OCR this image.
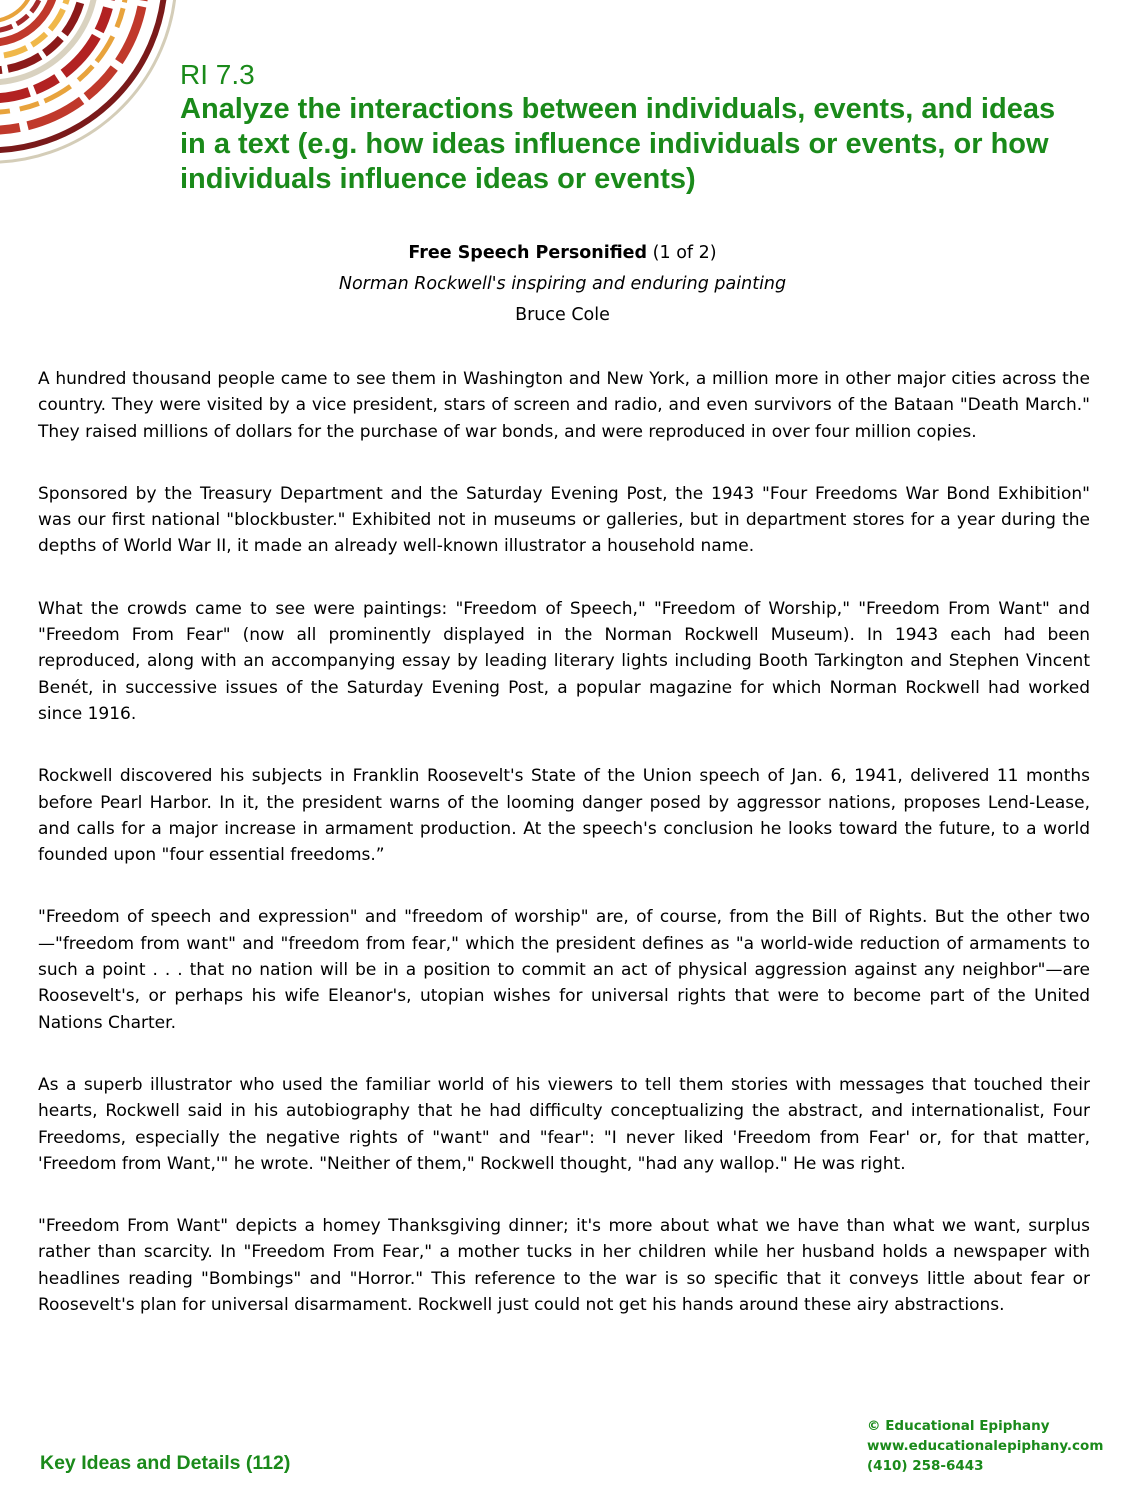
RI 7.3
Analyze the interactions between individuals, events, and ideas in a text (e.g. how ideas influence individuals or events, or how individuals influence ideas or events)
Free Speech Personified (1 of 2)
Norman Rockwell's inspiring and enduring painting
Bruce Cole

A hundred thousand people came to see them in Washington and New York, a million more in other major cities across the country. They were visited by a vice president, stars of screen and radio, and even survivors of the Bataan "Death March." They raised millions of dollars for the purchase of war bonds, and were reproduced in over four million copies.

Sponsored by the Treasury Department and the Saturday Evening Post, the 1943 "Four Freedoms War Bond Exhibition" was our first national "blockbuster." Exhibited not in museums or galleries, but in department stores for a year during the depths of World War II, it made an already well-known illustrator a household name.

What the crowds came to see were paintings: "Freedom of Speech," "Freedom of Worship," "Freedom From Want" and "Freedom From Fear" (now all prominently displayed in the Norman Rockwell Museum). In 1943 each had been reproduced, along with an accompanying essay by leading literary lights including Booth Tarkington and Stephen Vincent Benét, in successive issues of the Saturday Evening Post, a popular magazine for which Norman Rockwell had worked since 1916.

Rockwell discovered his subjects in Franklin Roosevelt's State of the Union speech of Jan. 6, 1941, delivered 11 months before Pearl Harbor. In it, the president warns of the looming danger posed by aggressor nations, proposes Lend-Lease, and calls for a major increase in armament production. At the speech's conclusion he looks toward the future, to a world founded upon "four essential freedoms.”

"Freedom of speech and expression" and "freedom of worship" are, of course, from the Bill of Rights. But the other two—"freedom from want" and "freedom from fear," which the president defines as "a world-wide reduction of armaments to such a point . . . that no nation will be in a position to commit an act of physical aggression against any neighbor"—are Roosevelt's, or perhaps his wife Eleanor's, utopian wishes for universal rights that were to become part of the United Nations Charter.

As a superb illustrator who used the familiar world of his viewers to tell them stories with messages that touched their hearts, Rockwell said in his autobiography that he had difficulty conceptualizing the abstract, and internationalist, Four Freedoms, especially the negative rights of "want" and "fear": "I never liked 'Freedom from Fear' or, for that matter, 'Freedom from Want,'" he wrote. "Neither of them," Rockwell thought, "had any wallop." He was right.

"Freedom From Want" depicts a homey Thanksgiving dinner; it's more about what we have than what we want, surplus rather than scarcity. In "Freedom From Fear," a mother tucks in her children while her husband holds a newspaper with headlines reading "Bombings" and "Horror." This reference to the war is so specific that it conveys little about fear or Roosevelt's plan for universal disarmament. Rockwell just could not get his hands around these airy abstractions.

Key Ideas and Details (112)
© Educational Epiphany
www.educationalepiphany.com
(410) 258-6443
